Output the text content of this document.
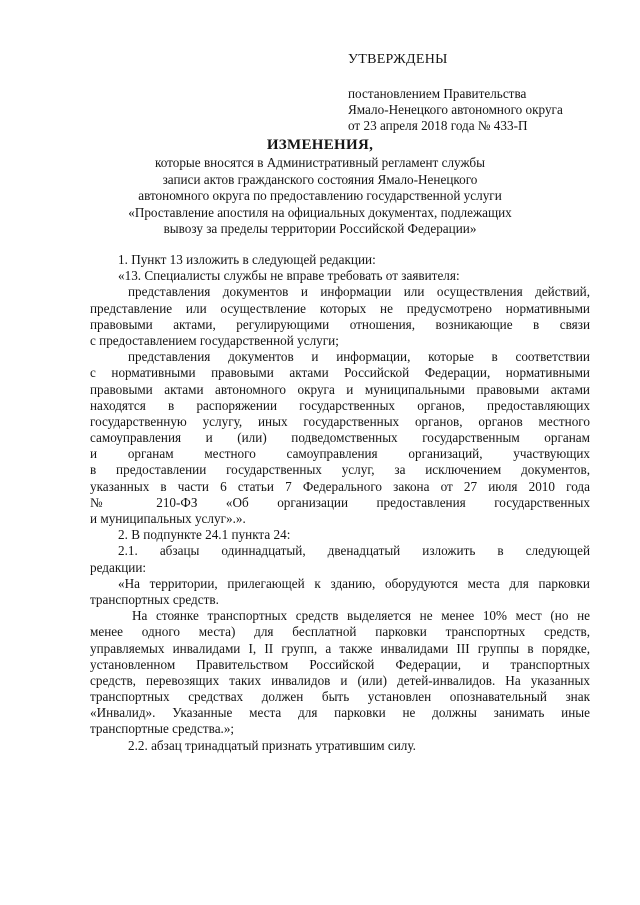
УТВЕРЖДЕНЫ
постановлением Правительства
Ямало-Ненецкого автономного округа
от 23 апреля 2018 года № 433-П
ИЗМЕНЕНИЯ,
которые вносятся в Административный регламент службы
записи актов гражданского состояния Ямало-Ненецкого
автономного округа по предоставлению государственной услуги
«Проставление апостиля на официальных документах, подлежащих
вывозу за пределы территории Российской Федерации»
1. Пункт 13 изложить в следующей редакции:
«13. Специалисты службы не вправе требовать от заявителя:
представления документов и информации или осуществления действий,
представление или осуществление которых не предусмотрено нормативными
правовыми актами, регулирующими отношения, возникающие в связи
с предоставлением государственной услуги;
представления документов и информации, которые в соответствии
с нормативными правовыми актами Российской Федерации, нормативными
правовыми актами автономного округа и муниципальными правовыми актами
находятся в распоряжении государственных органов, предоставляющих
государственную услугу, иных государственных органов, органов местного
самоуправления и (или) подведомственных государственным органам
и органам местного самоуправления организаций, участвующих
в предоставлении государственных услуг, за исключением документов,
указанных в части 6 статьи 7 Федерального закона от 27 июля 2010 года
№ 210-ФЗ «Об организации предоставления государственных
и муниципальных услуг».».
2. В подпункте 24.1 пункта 24:
2.1. абзацы одиннадцатый, двенадцатый изложить в следующей
редакции:
«На территории, прилегающей к зданию, оборудуются места для парковки
транспортных средств.
На стоянке транспортных средств выделяется не менее 10% мест (но не
менее одного места) для бесплатной парковки транспортных средств,
управляемых инвалидами I, II групп, а также инвалидами III группы в порядке,
установленном Правительством Российской Федерации, и транспортных
средств, перевозящих таких инвалидов и (или) детей-инвалидов. На указанных
транспортных средствах должен быть установлен опознавательный знак
«Инвалид». Указанные места для парковки не должны занимать иные
транспортные средства.»;
2.2. абзац тринадцатый признать утратившим силу.
